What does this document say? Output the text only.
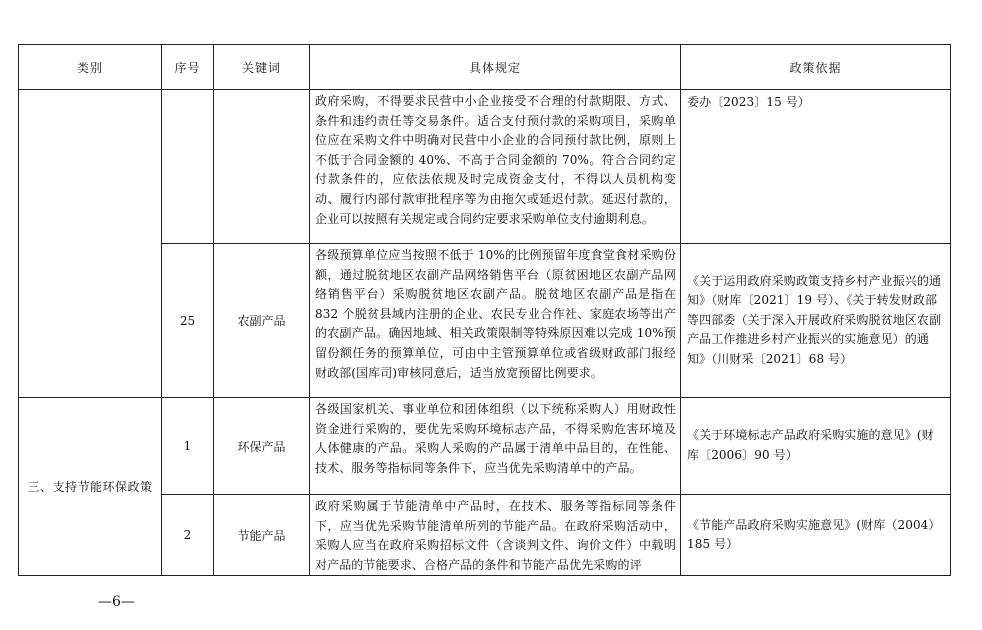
类别	序号	关键词	具体规定	政策依据
			政府采购，不得要求民营中小企业接受不合理的付款期限、方式、条件和违约责任等交易条件。适合支付预付款的采购项目，采购单位应在采购文件中明确对民营中小企业的合同预付款比例，原则上不低于合同金额的 40%、不高于合同金额的 70%。符合合同约定付款条件的，应依法依规及时完成资金支付，不得以人员机构变动、履行内部付款审批程序等为由拖欠或延迟付款。延迟付款的，企业可以按照有关规定或合同约定要求采购单位支付逾期利息。	委办〔2023〕15 号）
	25	农副产品	各级预算单位应当按照不低于 10%的比例预留年度食堂食材采购份额，通过脱贫地区农副产品网络销售平台（原贫困地区农副产品网络销售平台）采购脱贫地区农副产品。脱贫地区农副产品是指在 832 个脱贫县域内注册的企业、农民专业合作社、家庭农场等出产的农副产品。确因地域、相关政策限制等特殊原因难以完成 10%预留份额任务的预算单位，可由中主管预算单位或省级财政部门报经财政部(国库司)审核同意后，适当放宽预留比例要求。	《关于运用政府采购政策支持乡村产业振兴的通知》（财库〔2021〕19 号）、《关于转发财政部等四部委（关于深入开展政府采购脱贫地区农副产品工作推进乡村产业振兴的实施意见）的通知》（川财采〔2021〕68 号）
三、支持节能环保政策	1	环保产品	各级国家机关、事业单位和团体组织（以下统称采购人）用财政性资金进行采购的，要优先采购环境标志产品，不得采购危害环境及人体健康的产品。采购人采购的产品属于清单中品目的，在性能、技术、服务等指标同等条件下，应当优先采购清单中的产品。	《关于环境标志产品政府采购实施的意见》(财库〔2006〕90 号）
	2	节能产品	政府采购属于节能清单中产品时，在技术、服务等指标同等条件下，应当优先采购节能清单所列的节能产品。在政府采购活动中，采购人应当在政府采购招标文件（含谈判文件、询价文件）中载明对产品的节能要求、合格产品的条件和节能产品优先采购的评	《节能产品政府采购实施意见》(财库（2004）185 号）
—6—
